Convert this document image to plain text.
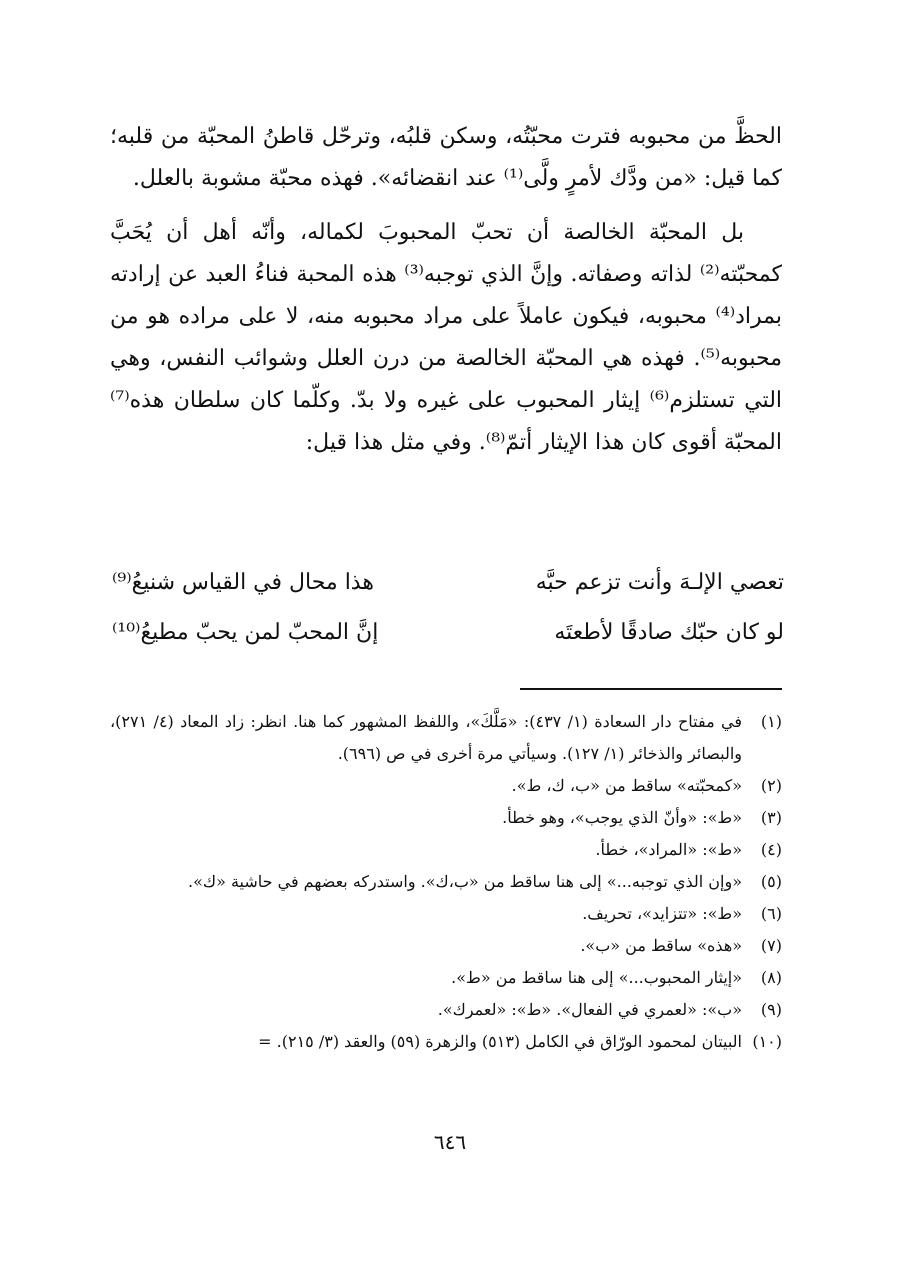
الحظَّ من محبوبه فترت محبّتُه، وسكن قلبُه، وترحّل قاطنُ المحبّة من قلبه؛ كما قيل: «من ودَّك لأمرٍ ولَّى⁽¹⁾ عند انقضائه». فهذه محبّة مشوبة بالعلل.

بل المحبّة الخالصة أن تحبّ المحبوبَ لكماله، وأنّه أهل أن يُحَبَّ كمحبّته⁽²⁾ لذاته وصفاته. وإنَّ الذي توجبه⁽³⁾ هذه المحبة فناءُ العبد عن إرادته بمراد⁽⁴⁾ محبوبه، فيكون عاملاً على مراد محبوبه منه، لا على مراده هو من محبوبه⁽⁵⁾. فهذه هي المحبّة الخالصة من درن العلل وشوائب النفس، وهي التي تستلزم⁽⁶⁾ إيثار المحبوب على غيره ولا بدّ. وكلّما كان سلطان هذه⁽⁷⁾ المحبّة أقوى كان هذا الإيثار أتمّ⁽⁸⁾. وفي مثل هذا قيل:

تعصي الإلـهَ وأنت تزعم حبَّه
هذا محال في القياس شنيعُ⁽⁹⁾
لو كان حبّك صادقًا لأطعتَه
إنَّ المحبّ لمن يحبّ مطيعُ⁽¹⁰⁾
(١)
في مفتاح دار السعادة (١/ ٤٣٧): «مَلَّكَ»، واللفظ المشهور كما هنا. انظر: زاد المعاد (٤/ ٢٧١)، والبصائر والذخائر (١/ ١٢٧). وسيأتي مرة أخرى في ص (٦٩٦).
(٢)
«كمحبّته» ساقط من «ب، ك، ط».
(٣)
«ط»: «وأنّ الذي يوجب»، وهو خطأ.
(٤)
«ط»: «المراد»، خطأ.
(٥)
«وإن الذي توجبه...» إلى هنا ساقط من «ب،ك». واستدركه بعضهم في حاشية «ك».
(٦)
«ط»: «تتزايد»، تحريف.
(٧)
«هذه» ساقط من «ب».
(٨)
«إيثار المحبوب...» إلى هنا ساقط من «ط».
(٩)
«ب»: «لعمري في الفعال». «ط»: «لعمرك».
(١٠)
البيتان لمحمود الورّاق في الكامل (٥١٣) والزهرة (٥٩) والعقد (٣/ ٢١٥). =
٦٤٦
